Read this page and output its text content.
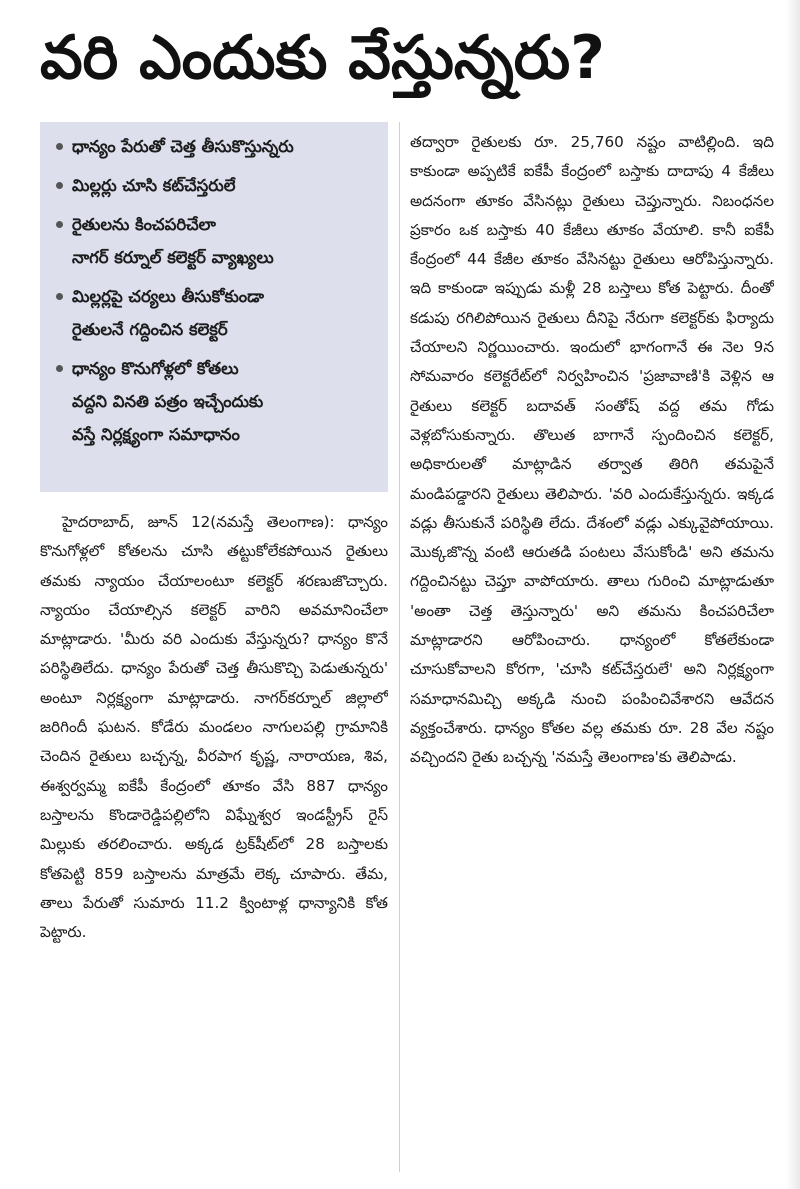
వరి ఎందుకు వేస్తున్నరు?
ధాన్యం పేరుతో చెత్త తీసుకొస్తున్నరు
మిల్లర్లు చూసి కట్‌చేస్తరులే
రైతులను కించపరిచేలా
నాగర్ కర్నూల్ కలెక్టర్ వ్యాఖ్యలు
మిల్లర్లపై చర్యలు తీసుకోకుండా
రైతులనే గద్దించిన కలెక్టర్
ధాన్యం కొనుగోళ్లలో కోతలు
వద్దని వినతి పత్రం ఇచ్చేందుకు
వస్తే నిర్లక్ష్యంగా సమాధానం

హైదరాబాద్, జూన్ 12(నమస్తే తెలంగాణ): ధాన్యం కొనుగోళ్లలో కోతలను చూసి తట్టుకోలేకపోయిన రైతులు తమకు న్యాయం చేయాలంటూ కలెక్టర్ శరణుజొచ్చారు. న్యాయం చేయాల్సిన కలెక్టర్ వారిని అవమానించేలా మాట్లాడారు. 'మీరు వరి ఎందుకు వేస్తున్నరు? ధాన్యం కొనే పరిస్థితిలేదు. ధాన్యం పేరుతో చెత్త తీసుకొచ్చి పెడుతున్నరు' అంటూ నిర్లక్ష్యంగా మాట్లాడారు. నాగర్‌కర్నూల్ జిల్లాలో జరిగిందీ ఘటన. కోడేరు మండలం నాగులపల్లి గ్రామానికి చెందిన రైతులు బచ్చన్న, వీరపాగ కృష్ణ, నారాయణ, శివ, ఈశ్వర్వమ్మ ఐకేపీ కేంద్రంలో తూకం వేసి 887 ధాన్యం బస్తాలను కొండారెడ్డిపల్లిలోని విఘ్నేశ్వర ఇండస్ట్రీస్ రైస్ మిల్లుకు తరలించారు. అక్కడ ట్రక్‌షీట్‌లో 28 బస్తాలకు కోతపెట్టి 859 బస్తాలను మాత్రమే లెక్క చూపారు. తేమ, తాలు పేరుతో సుమారు 11.2 క్వింటాళ్ల ధాన్యానికి కోత పెట్టారు.

తద్వారా రైతులకు రూ. 25,760 నష్టం వాటిల్లింది. ఇది కాకుండా అప్పటికే ఐకేపీ కేంద్రంలో బస్తాకు దాదాపు 4 కేజీలు అదనంగా తూకం వేసినట్లు రైతులు చెప్తున్నారు. నిబంధనల ప్రకారం ఒక బస్తాకు 40 కేజీలు తూకం వేయాలి. కానీ ఐకేపీ కేంద్రంలో 44 కేజీల తూకం వేసినట్టు రైతులు ఆరోపిస్తున్నారు. ఇది కాకుండా ఇప్పుడు మళ్లీ 28 బస్తాలు కోత పెట్టారు. దీంతో కడుపు రగిలిపోయిన రైతులు దీనిపై నేరుగా కలెక్టర్‌కు ఫిర్యాదు చేయాలని నిర్ణయించారు. ఇందులో భాగంగానే ఈ నెల 9న సోమవారం కలెక్టరేట్‌లో నిర్వహించిన 'ప్రజావాణి'కి వెళ్లిన ఆ రైతులు కలెక్టర్ బదావత్ సంతోష్ వద్ద తమ గోడు వెళ్లబోసుకున్నారు. తొలుత బాగానే స్పందించిన కలెక్టర్, అధికారులతో మాట్లాడిన తర్వాత తిరిగి తమపైనే మండిపడ్డారని రైతులు తెలిపారు. 'వరి ఎందుకేస్తున్నరు. ఇక్కడ వడ్లు తీసుకునే పరిస్థితి లేదు. దేశంలో వడ్లు ఎక్కువైపోయాయి. మొక్కజొన్న వంటి ఆరుతడి పంటలు వేసుకోండి' అని తమను గద్దించినట్టు చెప్తూ వాపోయారు. తాలు గురించి మాట్లాడుతూ 'అంతా చెత్త తెస్తున్నారు' అని తమను కించపరిచేలా మాట్లాడారని ఆరోపించారు. ధాన్యంలో కోతలేకుండా చూసుకోవాలని కోరగా, 'చూసి కట్‌చేస్తరులే' అని నిర్లక్ష్యంగా సమాధానమిచ్చి అక్కడి నుంచి పంపించివేశారని ఆవేదన వ్యక్తంచేశారు. ధాన్యం కోతల వల్ల తమకు రూ. 28 వేల నష్టం వచ్చిందని రైతు బచ్చన్న 'నమస్తే తెలంగాణ'కు తెలిపాడు.
